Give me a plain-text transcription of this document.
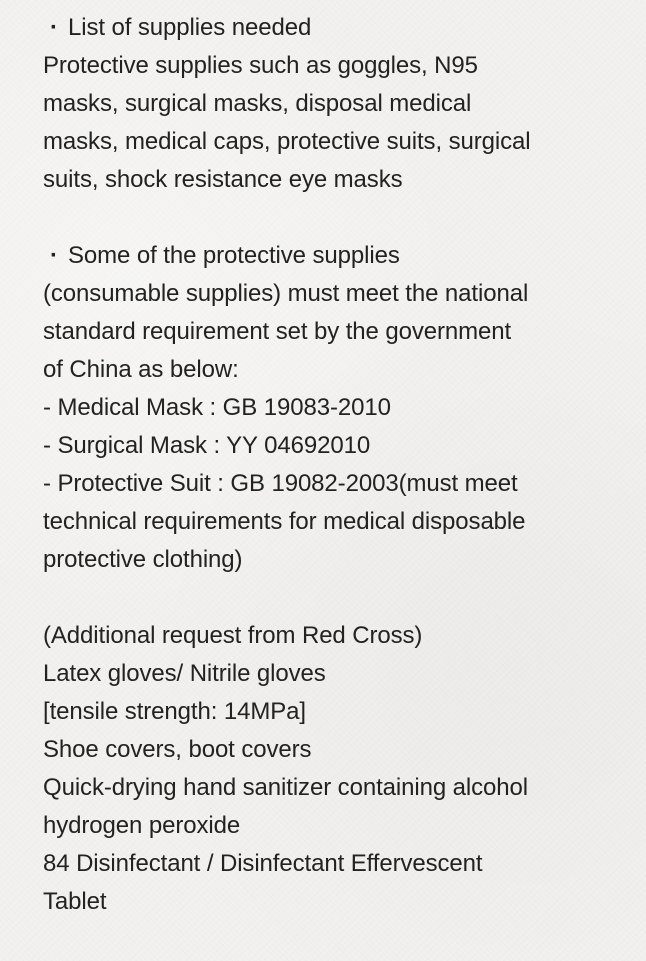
· List of supplies needed
Protective supplies such as goggles, N95
masks, surgical masks, disposal medical
masks, medical caps, protective suits, surgical
suits, shock resistance eye masks
· Some of the protective supplies
(consumable supplies) must meet the national
standard requirement set by the government
of China as below:
- Medical Mask : GB 19083-2010
- Surgical Mask : YY 04692010
- Protective Suit : GB 19082-2003(must meet
technical requirements for medical disposable
protective clothing)
(Additional request from Red Cross)
Latex gloves/ Nitrile gloves
[tensile strength: 14MPa]
Shoe covers, boot covers
Quick-drying hand sanitizer containing alcohol
hydrogen peroxide
84 Disinfectant / Disinfectant Effervescent
Tablet
